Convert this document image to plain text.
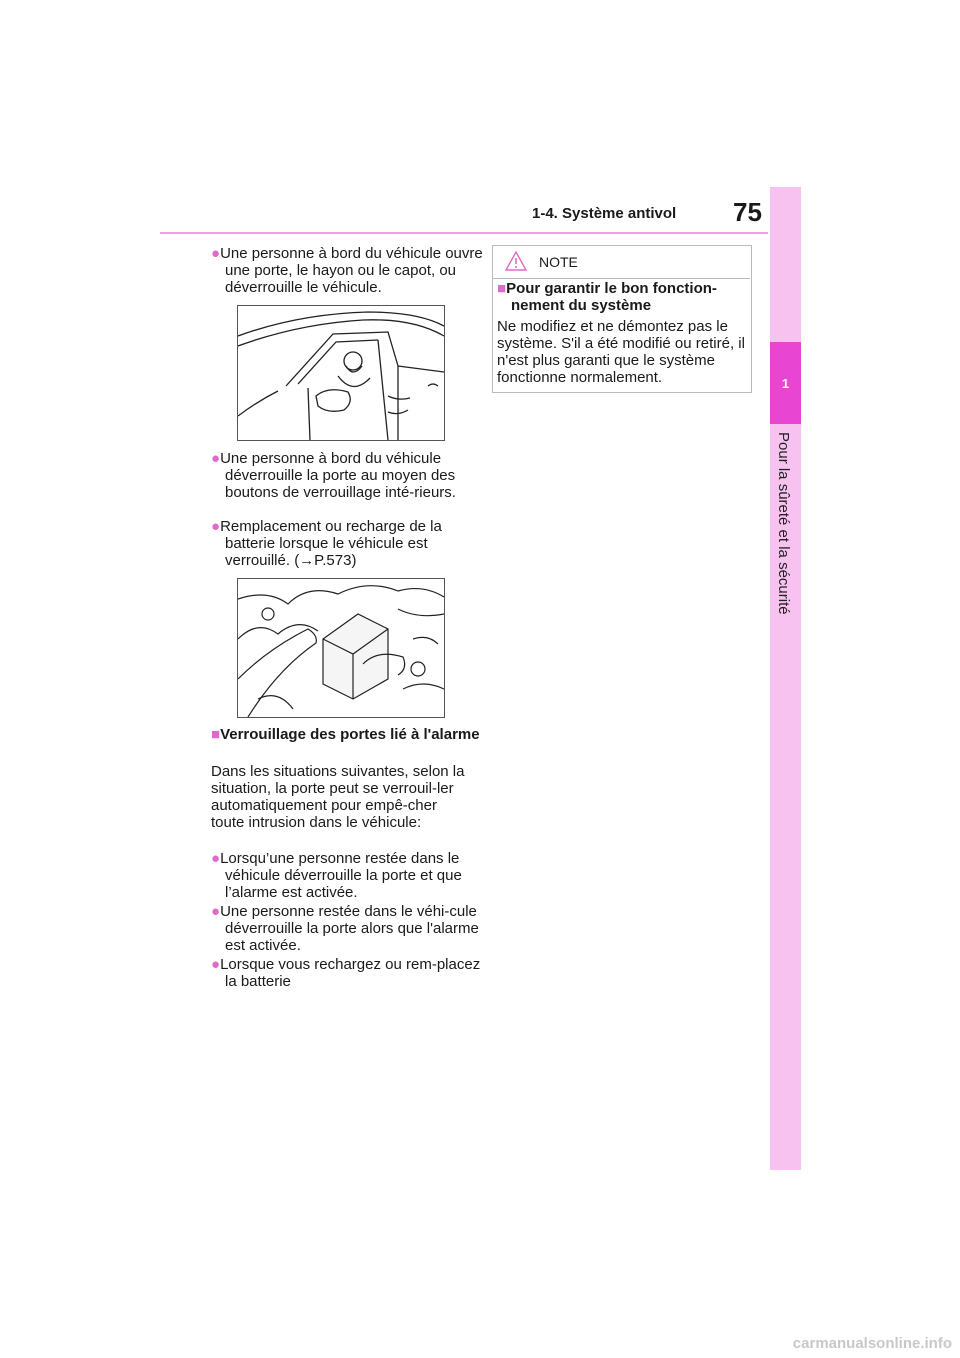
1-4. Système antivol 75
1
Pour la sûreté et la sécurité
●Une personne à bord du véhicule ouvre une porte, le hayon ou le capot, ou déverrouille le véhicule.
●Une personne à bord du véhicule déverrouille la porte au moyen des boutons de verrouillage inté-rieurs.
●Remplacement ou recharge de la batterie lorsque le véhicule est verrouillé. (→P.573)
■Verrouillage des portes lié à l'alarme
Dans les situations suivantes, selon la situation, la porte peut se verrouil-ler automatiquement pour empê-cher toute intrusion dans le véhicule:
●Lorsqu’une personne restée dans le véhicule déverrouille la porte et que l’alarme est activée.
●Une personne restée dans le véhi-cule déverrouille la porte alors que l'alarme est activée.
●Lorsque vous rechargez ou rem-placez la batterie
NOTE
■Pour garantir le bon fonction-nement du système
Ne modifiez et ne démontez pas le système. S'il a été modifié ou retiré, il n'est plus garanti que le système fonctionne normalement.
carmanualsonline.info
